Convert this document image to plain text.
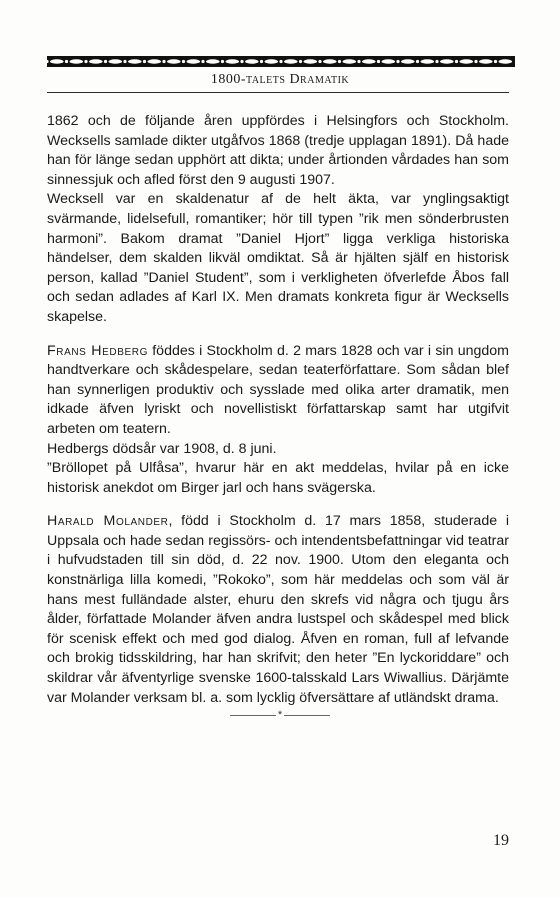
1800-talets Dramatik

1862 och de följande åren uppfördes i Helsingfors och Stockholm. Wecksells samlade dikter utgåfvos 1868 (tredje upplagan 1891). Då hade han för länge sedan upphört att dikta; under årtionden vårdades han som sinnessjuk och afled först den 9 augusti 1907.

Wecksell var en skaldenatur af de helt äkta, var ynglingsaktigt svärmande, lidelsefull, romantiker; hör till typen ”rik men sönderbrusten harmoni”. Bakom dramat ”Daniel Hjort” ligga verkliga historiska händelser, dem skalden likväl omdiktat. Så är hjälten själf en historisk person, kallad ”Daniel Student”, som i verkligheten öfverlefde Åbos fall och sedan adlades af Karl IX. Men dramats konkreta figur är Wecksells skapelse.

Frans Hedberg föddes i Stockholm d. 2 mars 1828 och var i sin ungdom handtverkare och skådespelare, sedan teaterförfattare. Som sådan blef han synnerligen produktiv och sysslade med olika arter dramatik, men idkade äfven lyriskt och novellistiskt författarskap samt har utgifvit arbeten om teatern.

Hedbergs dödsår var 1908, d. 8 juni.

”Bröllopet på Ulfåsa”, hvarur här en akt meddelas, hvilar på en icke historisk anekdot om Birger jarl och hans svägerska.

Harald Molander, född i Stockholm d. 17 mars 1858, studerade i Uppsala och hade sedan regissörs- och intendentsbefattningar vid teatrar i hufvudstaden till sin död, d. 22 nov. 1900. Utom den eleganta och konstnärliga lilla komedi, ”Rokoko”, som här meddelas och som väl är hans mest fulländade alster, ehuru den skrefs vid några och tjugu års ålder, författade Molander äfven andra lustspel och skådespel med blick för scenisk effekt och med god dialog. Åfven en roman, full af lefvande och brokig tidsskildring, har han skrifvit; den heter ”En lyckoriddare” och skildrar vår äfventyrlige svenske 1600-talsskald Lars Wiwallius. Därjämte var Molander verksam bl. a. som lycklig öfversättare af utländskt drama.

*
19
